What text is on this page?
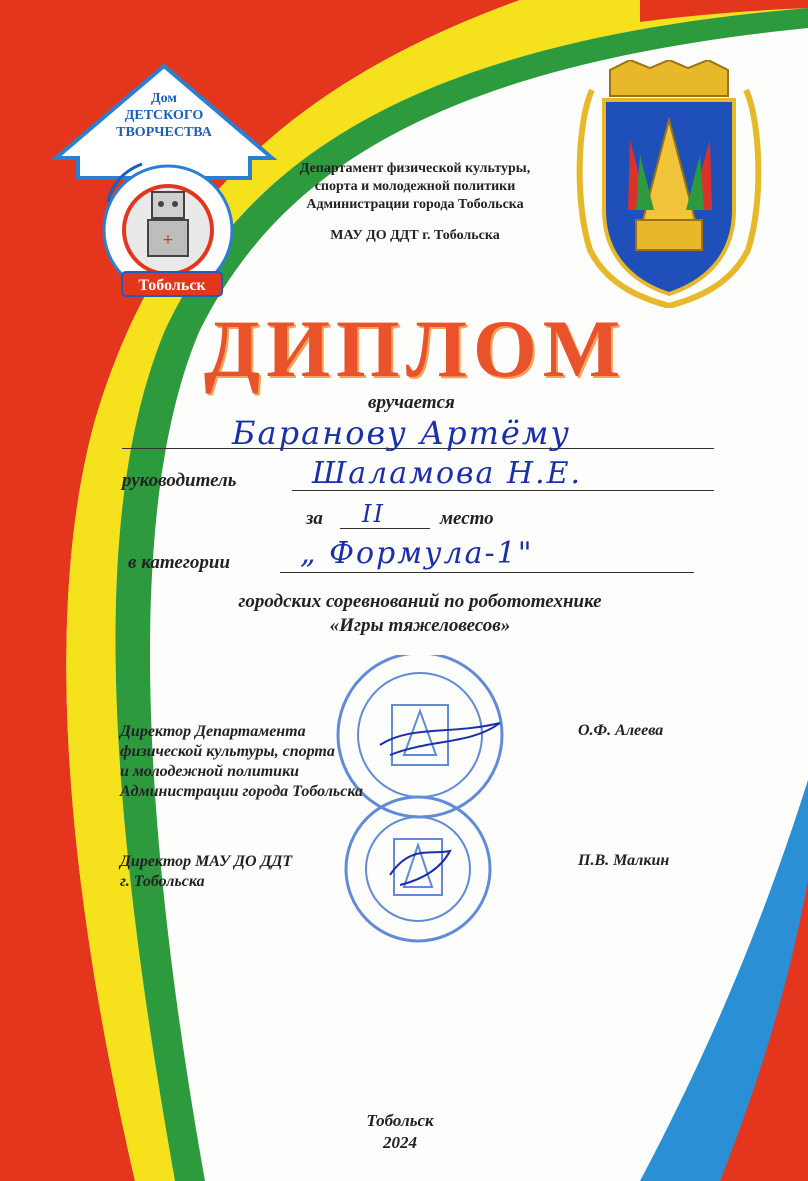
Дом
ДЕТСКОГО
ТВОРЧЕСТВА
+
Тобольск
Департамент физической культуры,
спорта и молодежной политики
Администрации города Тобольска
МАУ ДО ДДТ г. Тобольска
ДИПЛОМ
вручается
Баранову Артёму
руководитель	Шаламова Н.Е.
за II	место
в категории „ Формула-1"
городских соревнований по робототехнике
«Игры тяжеловесов»
Директор Департамента
физической культуры, спорта
и молодежной политики
Администрации города Тобольска
О.Ф. Алеева
Директор МАУ ДО ДДТ
г. Тобольска
П.В. Малкин
Тобольск
2024
